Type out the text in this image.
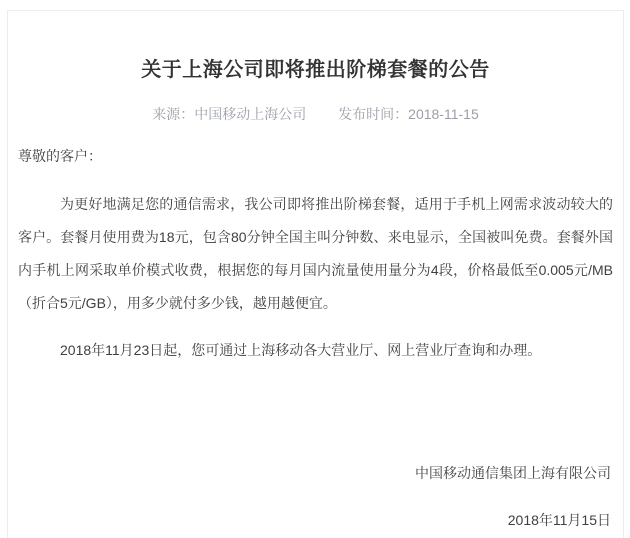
关于上海公司即将推出阶梯套餐的公告
来源：中国移动上海公司 发布时间：2018-11-15

尊敬的客户：

为更好地满足您的通信需求，我公司即将推出阶梯套餐，适用于手机上网需求波动较大的客户。套餐月使用费为18元，包含80分钟全国主叫分钟数、来电显示，全国被叫免费。套餐外国内手机上网采取单价模式收费，根据您的每月国内流量使用量分为4段，价格最低至0.005元/MB（折合5元/GB），用多少就付多少钱，越用越便宜。

2018年11月23日起，您可通过上海移动各大营业厅、网上营业厅查询和办理。

中国移动通信集团上海有限公司

2018年11月15日
